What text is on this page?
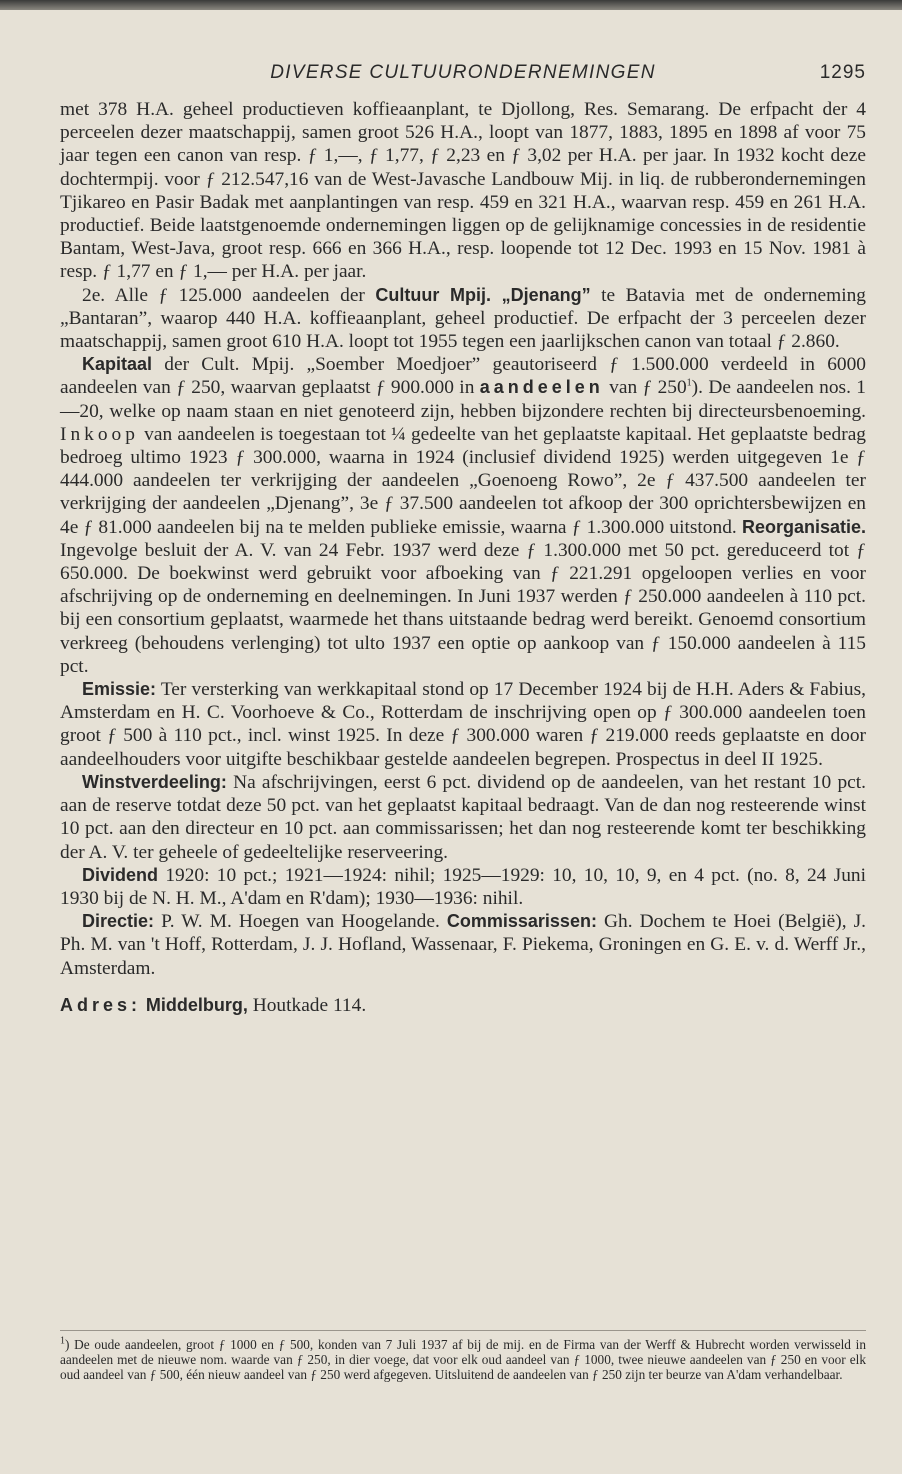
DIVERSE CULTUURONDERNEMINGEN	1295

met 378 H.A. geheel productieven koffieaanplant, te Djollong, Res. Semarang. De erfpacht der 4 perceelen dezer maatschappij, samen groot 526 H.A., loopt van 1877, 1883, 1895 en 1898 af voor 75 jaar tegen een canon van resp. ƒ 1,—, ƒ 1,77, ƒ 2,23 en ƒ 3,02 per H.A. per jaar. In 1932 kocht deze dochtermpij. voor ƒ 212.547,16 van de West-Javasche Landbouw Mij. in liq. de rubberondernemingen Tjikareo en Pasir Badak met aanplantingen van resp. 459 en 321 H.A., waarvan resp. 459 en 261 H.A. productief. Beide laatstgenoemde ondernemingen liggen op de gelijknamige concessies in de residentie Bantam, West-Java, groot resp. 666 en 366 H.A., resp. loopende tot 12 Dec. 1993 en 15 Nov. 1981 à resp. ƒ 1,77 en ƒ 1,— per H.A. per jaar.

2e. Alle ƒ 125.000 aandeelen der Cultuur Mpij. „Djenang” te Batavia met de onderneming „Bantaran”, waarop 440 H.A. koffieaanplant, geheel productief. De erfpacht der 3 perceelen dezer maatschappij, samen groot 610 H.A. loopt tot 1955 tegen een jaarlijkschen canon van totaal ƒ 2.860.

Kapitaal der Cult. Mpij. „Soember Moedjoer” geautoriseerd ƒ 1.500.000 verdeeld in 6000 aandeelen van ƒ 250, waarvan geplaatst ƒ 900.000 in aandeelen van ƒ $250^1$). De aandeelen nos. 1—20, welke op naam staan en niet genoteerd zijn, hebben bijzondere rechten bij directeursbenoeming. Inkoop van aandeelen is toegestaan tot ¼ gedeelte van het geplaatste kapitaal. Het geplaatste bedrag bedroeg ultimo 1923 ƒ 300.000, waarna in 1924 (inclusief dividend 1925) werden uitgegeven 1e ƒ 444.000 aandeelen ter verkrijging der aandeelen „Goenoeng Rowo”, 2e ƒ 437.500 aandeelen ter verkrijging der aandeelen „Djenang”, 3e ƒ 37.500 aandeelen tot afkoop der 300 oprichtersbewijzen en 4e ƒ 81.000 aandeelen bij na te melden publieke emissie, waarna ƒ 1.300.000 uitstond. Reorganisatie. Ingevolge besluit der A. V. van 24 Febr. 1937 werd deze ƒ 1.300.000 met 50 pct. gereduceerd tot ƒ 650.000. De boekwinst werd gebruikt voor afboeking van ƒ 221.291 opgeloopen verlies en voor afschrijving op de onderneming en deelnemingen. In Juni 1937 werden ƒ 250.000 aandeelen à 110 pct. bij een consortium geplaatst, waarmede het thans uitstaande bedrag werd bereikt. Genoemd consortium verkreeg (behoudens verlenging) tot ulto 1937 een optie op aankoop van ƒ 150.000 aandeelen à 115 pct.

Emissie: Ter versterking van werkkapitaal stond op 17 December 1924 bij de H.H. Aders & Fabius, Amsterdam en H. C. Voorhoeve & Co., Rotterdam de inschrijving open op ƒ 300.000 aandeelen toen groot ƒ 500 à 110 pct., incl. winst 1925. In deze ƒ 300.000 waren ƒ 219.000 reeds geplaatste en door aandeelhouders voor uitgifte beschikbaar gestelde aandeelen begrepen. Prospectus in deel II 1925.

Winstverdeeling: Na afschrijvingen, eerst 6 pct. dividend op de aandeelen, van het restant 10 pct. aan de reserve totdat deze 50 pct. van het geplaatst kapitaal bedraagt. Van de dan nog resteerende winst 10 pct. aan den directeur en 10 pct. aan commissarissen; het dan nog resteerende komt ter beschikking der A. V. ter geheele of gedeeltelijke reserveering.

Dividend 1920: 10 pct.; 1921—1924: nihil; 1925—1929: 10, 10, 10, 9, en 4 pct. (no. 8, 24 Juni 1930 bij de N. H. M., A'dam en R'dam); 1930—1936: nihil.

Directie: P. W. M. Hoegen van Hoogelande. Commissarissen: Gh. Dochem te Hoei (België), J. Ph. M. van 't Hoff, Rotterdam, J. J. Hofland, Wassenaar, F. Piekema, Groningen en G. E. v. d. Werff Jr., Amsterdam.

Adres: Middelburg, Houtkade 114.

$^1$) De oude aandeelen, groot ƒ 1000 en ƒ 500, konden van 7 Juli 1937 af bij de mij. en de Firma van der Werff & Hubrecht worden verwisseld in aandeelen met de nieuwe nom. waarde van ƒ 250, in dier voege, dat voor elk oud aandeel van ƒ 1000, twee nieuwe aandeelen van ƒ 250 en voor elk oud aandeel van ƒ 500, één nieuw aandeel van ƒ 250 werd afgegeven. Uitsluitend de aandeelen van ƒ 250 zijn ter beurze van A'dam verhandelbaar.
